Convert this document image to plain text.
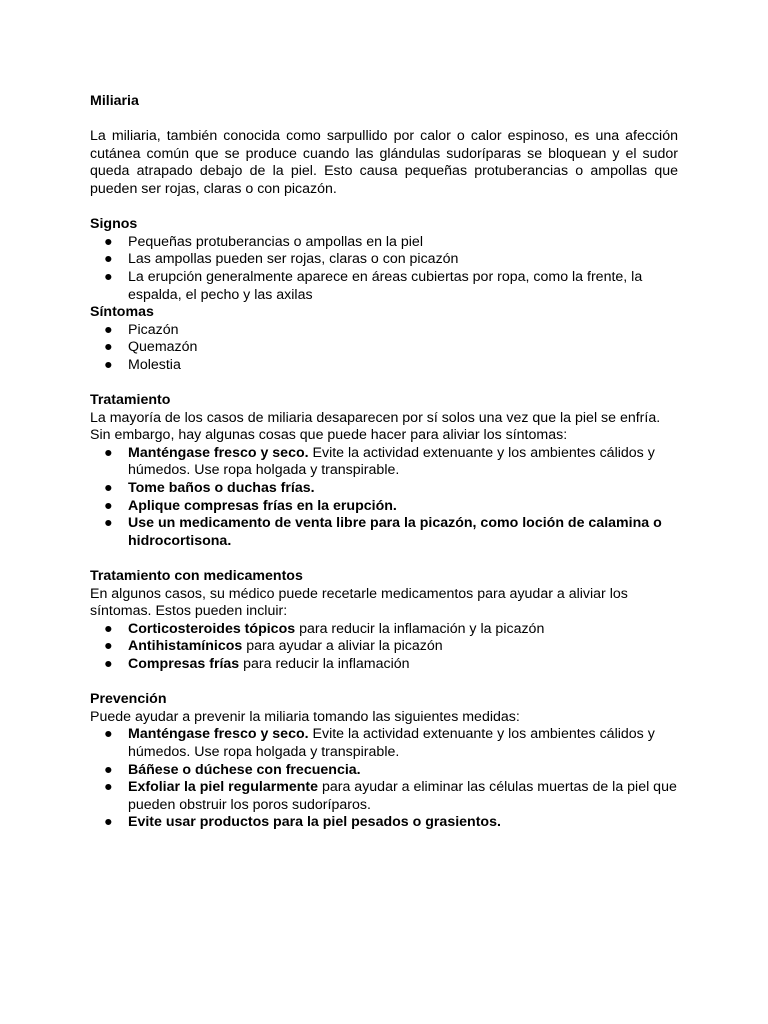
Miliaria

La miliaria, también conocida como sarpullido por calor o calor espinoso, es una afección cutánea común que se produce cuando las glándulas sudoríparas se bloquean y el sudor queda atrapado debajo de la piel. Esto causa pequeñas protuberancias o ampollas que pueden ser rojas, claras o con picazón.

Signos

● Pequeñas protuberancias o ampollas en la piel
● Las ampollas pueden ser rojas, claras o con picazón
● La erupción generalmente aparece en áreas cubiertas por ropa, como la frente, la espalda, el pecho y las axilas

Síntomas

● Picazón
● Quemazón
● Molestia

Tratamiento

La mayoría de los casos de miliaria desaparecen por sí solos una vez que la piel se enfría. Sin embargo, hay algunas cosas que puede hacer para aliviar los síntomas:

● Manténgase fresco y seco. Evite la actividad extenuante y los ambientes cálidos y húmedos. Use ropa holgada y transpirable.
● Tome baños o duchas frías.
● Aplique compresas frías en la erupción.
● Use un medicamento de venta libre para la picazón, como loción de calamina o hidrocortisona.

Tratamiento con medicamentos

En algunos casos, su médico puede recetarle medicamentos para ayudar a aliviar los síntomas. Estos pueden incluir:

● Corticosteroides tópicos para reducir la inflamación y la picazón
● Antihistamínicos para ayudar a aliviar la picazón
● Compresas frías para reducir la inflamación

Prevención

Puede ayudar a prevenir la miliaria tomando las siguientes medidas:

● Manténgase fresco y seco. Evite la actividad extenuante y los ambientes cálidos y húmedos. Use ropa holgada y transpirable.
● Báñese o dúchese con frecuencia.
● Exfoliar la piel regularmente para ayudar a eliminar las células muertas de la piel que pueden obstruir los poros sudoríparos.
● Evite usar productos para la piel pesados o grasientos.
